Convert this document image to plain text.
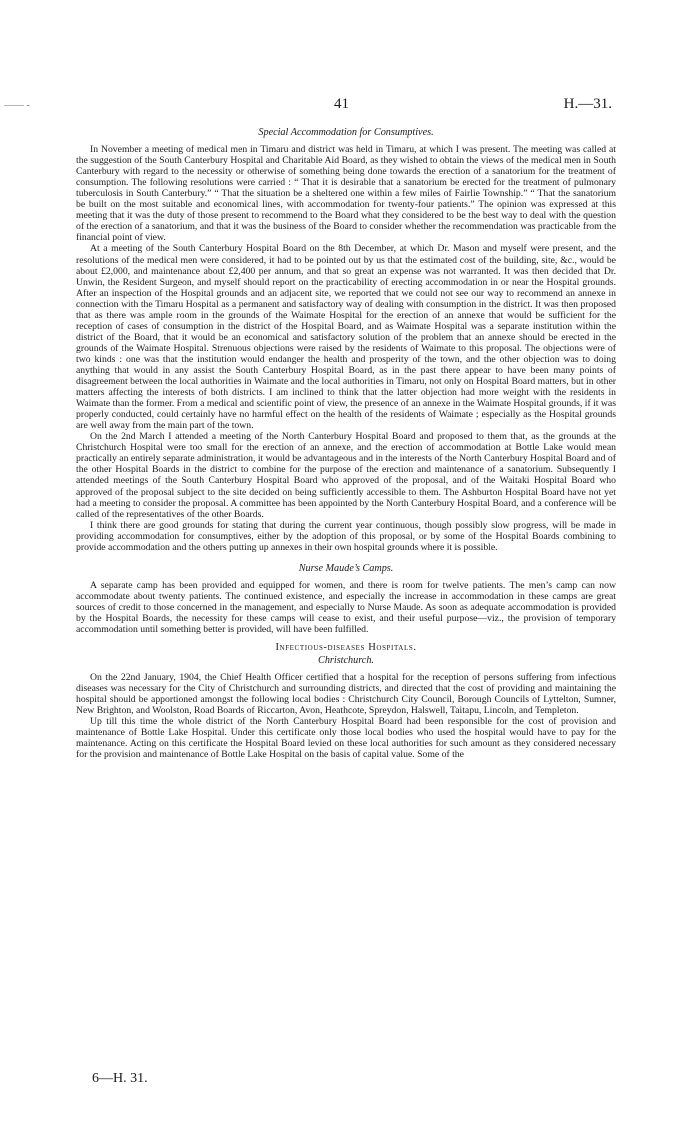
—— ‐	41	H.—31.
Special Accommodation for Consumptives.

In November a meeting of medical men in Timaru and district was held in Timaru, at which I was present. The meeting was called at the suggestion of the South Canterbury Hospital and Charitable Aid Board, as they wished to obtain the views of the medical men in South Canterbury with regard to the necessity or otherwise of something being done towards the erection of a sanatorium for the treatment of consumption. The following resolutions were carried : “ That it is desirable that a sanatorium be erected for the treatment of pulmonary tuberculosis in South Canterbury.” “ That the situation be a sheltered one within a few miles of Fairlie Township.” “ That the sanatorium be built on the most suitable and economical lines, with accommodation for twenty-four patients.” The opinion was expressed at this meeting that it was the duty of those present to recommend to the Board what they considered to be the best way to deal with the question of the erection of a sanatorium, and that it was the business of the Board to consider whether the recommendation was practicable from the financial point of view.

At a meeting of the South Canterbury Hospital Board on the 8th December, at which Dr. Mason and myself were present, and the resolutions of the medical men were considered, it had to be pointed out by us that the estimated cost of the building, site, &c., would be about £2,000, and maintenance about £2,400 per annum, and that so great an expense was not warranted. It was then decided that Dr. Unwin, the Resident Surgeon, and myself should report on the practicability of erecting accommodation in or near the Hospital grounds. After an inspection of the Hospital grounds and an adjacent site, we reported that we could not see our way to recommend an annexe in connection with the Timaru Hospital as a permanent and satisfactory way of dealing with consumption in the district. It was then proposed that as there was ample room in the grounds of the Waimate Hospital for the erection of an annexe that would be sufficient for the reception of cases of consumption in the district of the Hospital Board, and as Waimate Hospital was a separate institution within the district of the Board, that it would be an economical and satisfactory solution of the problem that an annexe should be erected in the grounds of the Waimate Hospital. Strenuous objections were raised by the residents of Waimate to this proposal. The objections were of two kinds : one was that the institution would endanger the health and prosperity of the town, and the other objection was to doing anything that would in any assist the South Canterbury Hospital Board, as in the past there appear to have been many points of disagreement between the local authorities in Waimate and the local authorities in Timaru, not only on Hospital Board matters, but in other matters affecting the interests of both districts. I am inclined to think that the latter objection had more weight with the residents in Waimate than the former. From a medical and scientific point of view, the presence of an annexe in the Waimate Hospital grounds, if it was properly conducted, could certainly have no harmful effect on the health of the residents of Waimate ; especially as the Hospital grounds are well away from the main part of the town.

On the 2nd March I attended a meeting of the North Canterbury Hospital Board and proposed to them that, as the grounds at the Christchurch Hospital were too small for the erection of an annexe, and the erection of accommodation at Bottle Lake would mean practically an entirely separate administration, it would be advantageous and in the interests of the North Canterbury Hospital Board and of the other Hospital Boards in the district to combine for the purpose of the erection and maintenance of a sanatorium. Subsequently I attended meetings of the South Canterbury Hospital Board who approved of the proposal, and of the Waitaki Hospital Board who approved of the proposal subject to the site decided on being sufficiently accessible to them. The Ashburton Hospital Board have not yet had a meeting to consider the proposal. A committee has been appointed by the North Canterbury Hospital Board, and a conference will be called of the representatives of the other Boards.

I think there are good grounds for stating that during the current year continuous, though possibly slow progress, will be made in providing accommodation for consumptives, either by the adoption of this proposal, or by some of the Hospital Boards combining to provide accommodation and the others putting up annexes in their own hospital grounds where it is possible.

Nurse Maude’s Camps.

A separate camp has been provided and equipped for women, and there is room for twelve patients. The men’s camp can now accommodate about twenty patients. The continued existence, and especially the increase in accommodation in these camps are great sources of credit to those concerned in the management, and especially to Nurse Maude. As soon as adequate accommodation is provided by the Hospital Boards, the necessity for these camps will cease to exist, and their useful purpose—viz., the provision of temporary accommodation until something better is provided, will have been fulfilled.

Infectious-diseases Hospitals.
Christchurch.

On the 22nd January, 1904, the Chief Health Officer certified that a hospital for the reception of persons suffering from infectious diseases was necessary for the City of Christchurch and surrounding districts, and directed that the cost of providing and maintaining the hospital should be apportioned amongst the following local bodies : Christchurch City Council, Borough Councils of Lyttelton, Sumner, New Brighton, and Woolston, Road Boards of Riccarton, Avon, Heathcote, Spreydon, Halswell, Taitapu, Lincoln, and Templeton.

Up till this time the whole district of the North Canterbury Hospital Board had been responsible for the cost of provision and maintenance of Bottle Lake Hospital. Under this certificate only those local bodies who used the hospital would have to pay for the maintenance. Acting on this certificate the Hospital Board levied on these local authorities for such amount as they considered necessary for the provision and maintenance of Bottle Lake Hospital on the basis of capital value. Some of the

6—H. 31.
